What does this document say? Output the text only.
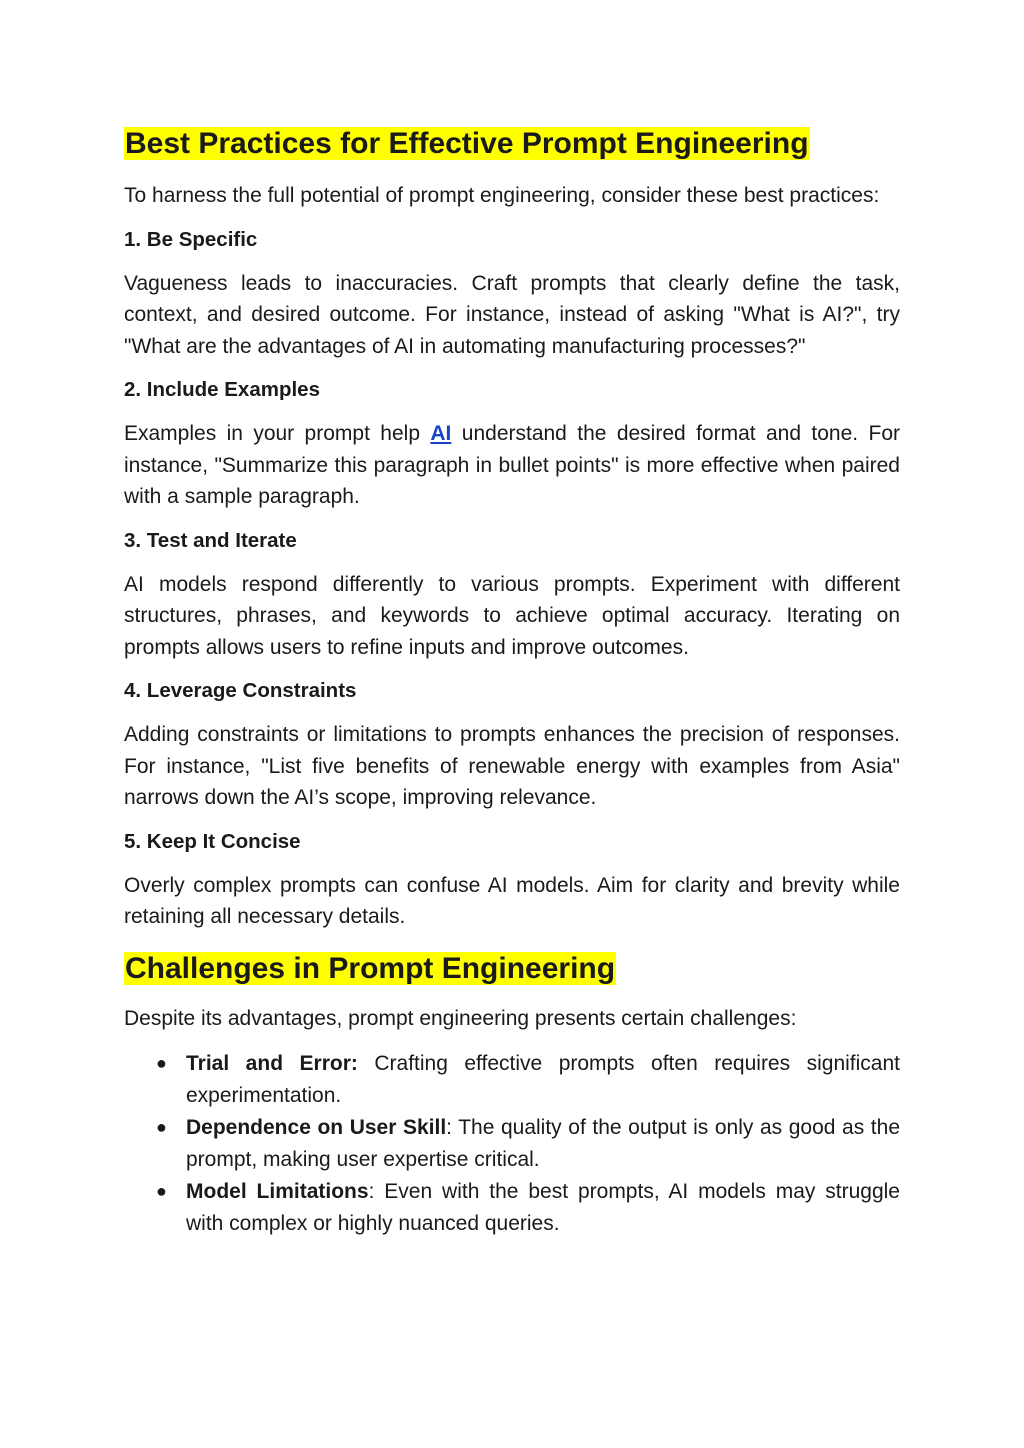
Best Practices for Effective Prompt Engineering

To harness the full potential of prompt engineering, consider these best practices:

1. Be Specific

Vagueness leads to inaccuracies. Craft prompts that clearly define the task, context, and desired outcome. For instance, instead of asking "What is AI?", try "What are the advantages of AI in automating manufacturing processes?"

2. Include Examples

Examples in your prompt help AI understand the desired format and tone. For instance, "Summarize this paragraph in bullet points" is more effective when paired with a sample paragraph.

3. Test and Iterate

AI models respond differently to various prompts. Experiment with different structures, phrases, and keywords to achieve optimal accuracy. Iterating on prompts allows users to refine inputs and improve outcomes.

4. Leverage Constraints

Adding constraints or limitations to prompts enhances the precision of responses. For instance, "List five benefits of renewable energy with examples from Asia" narrows down the AI’s scope, improving relevance.

5. Keep It Concise

Overly complex prompts can confuse AI models. Aim for clarity and brevity while retaining all necessary details.

Challenges in Prompt Engineering

Despite its advantages, prompt engineering presents certain challenges:

● Trial and Error: Crafting effective prompts often requires significant experimentation.
● Dependence on User Skill: The quality of the output is only as good as the prompt, making user expertise critical.
● Model Limitations: Even with the best prompts, AI models may struggle with complex or highly nuanced queries.
